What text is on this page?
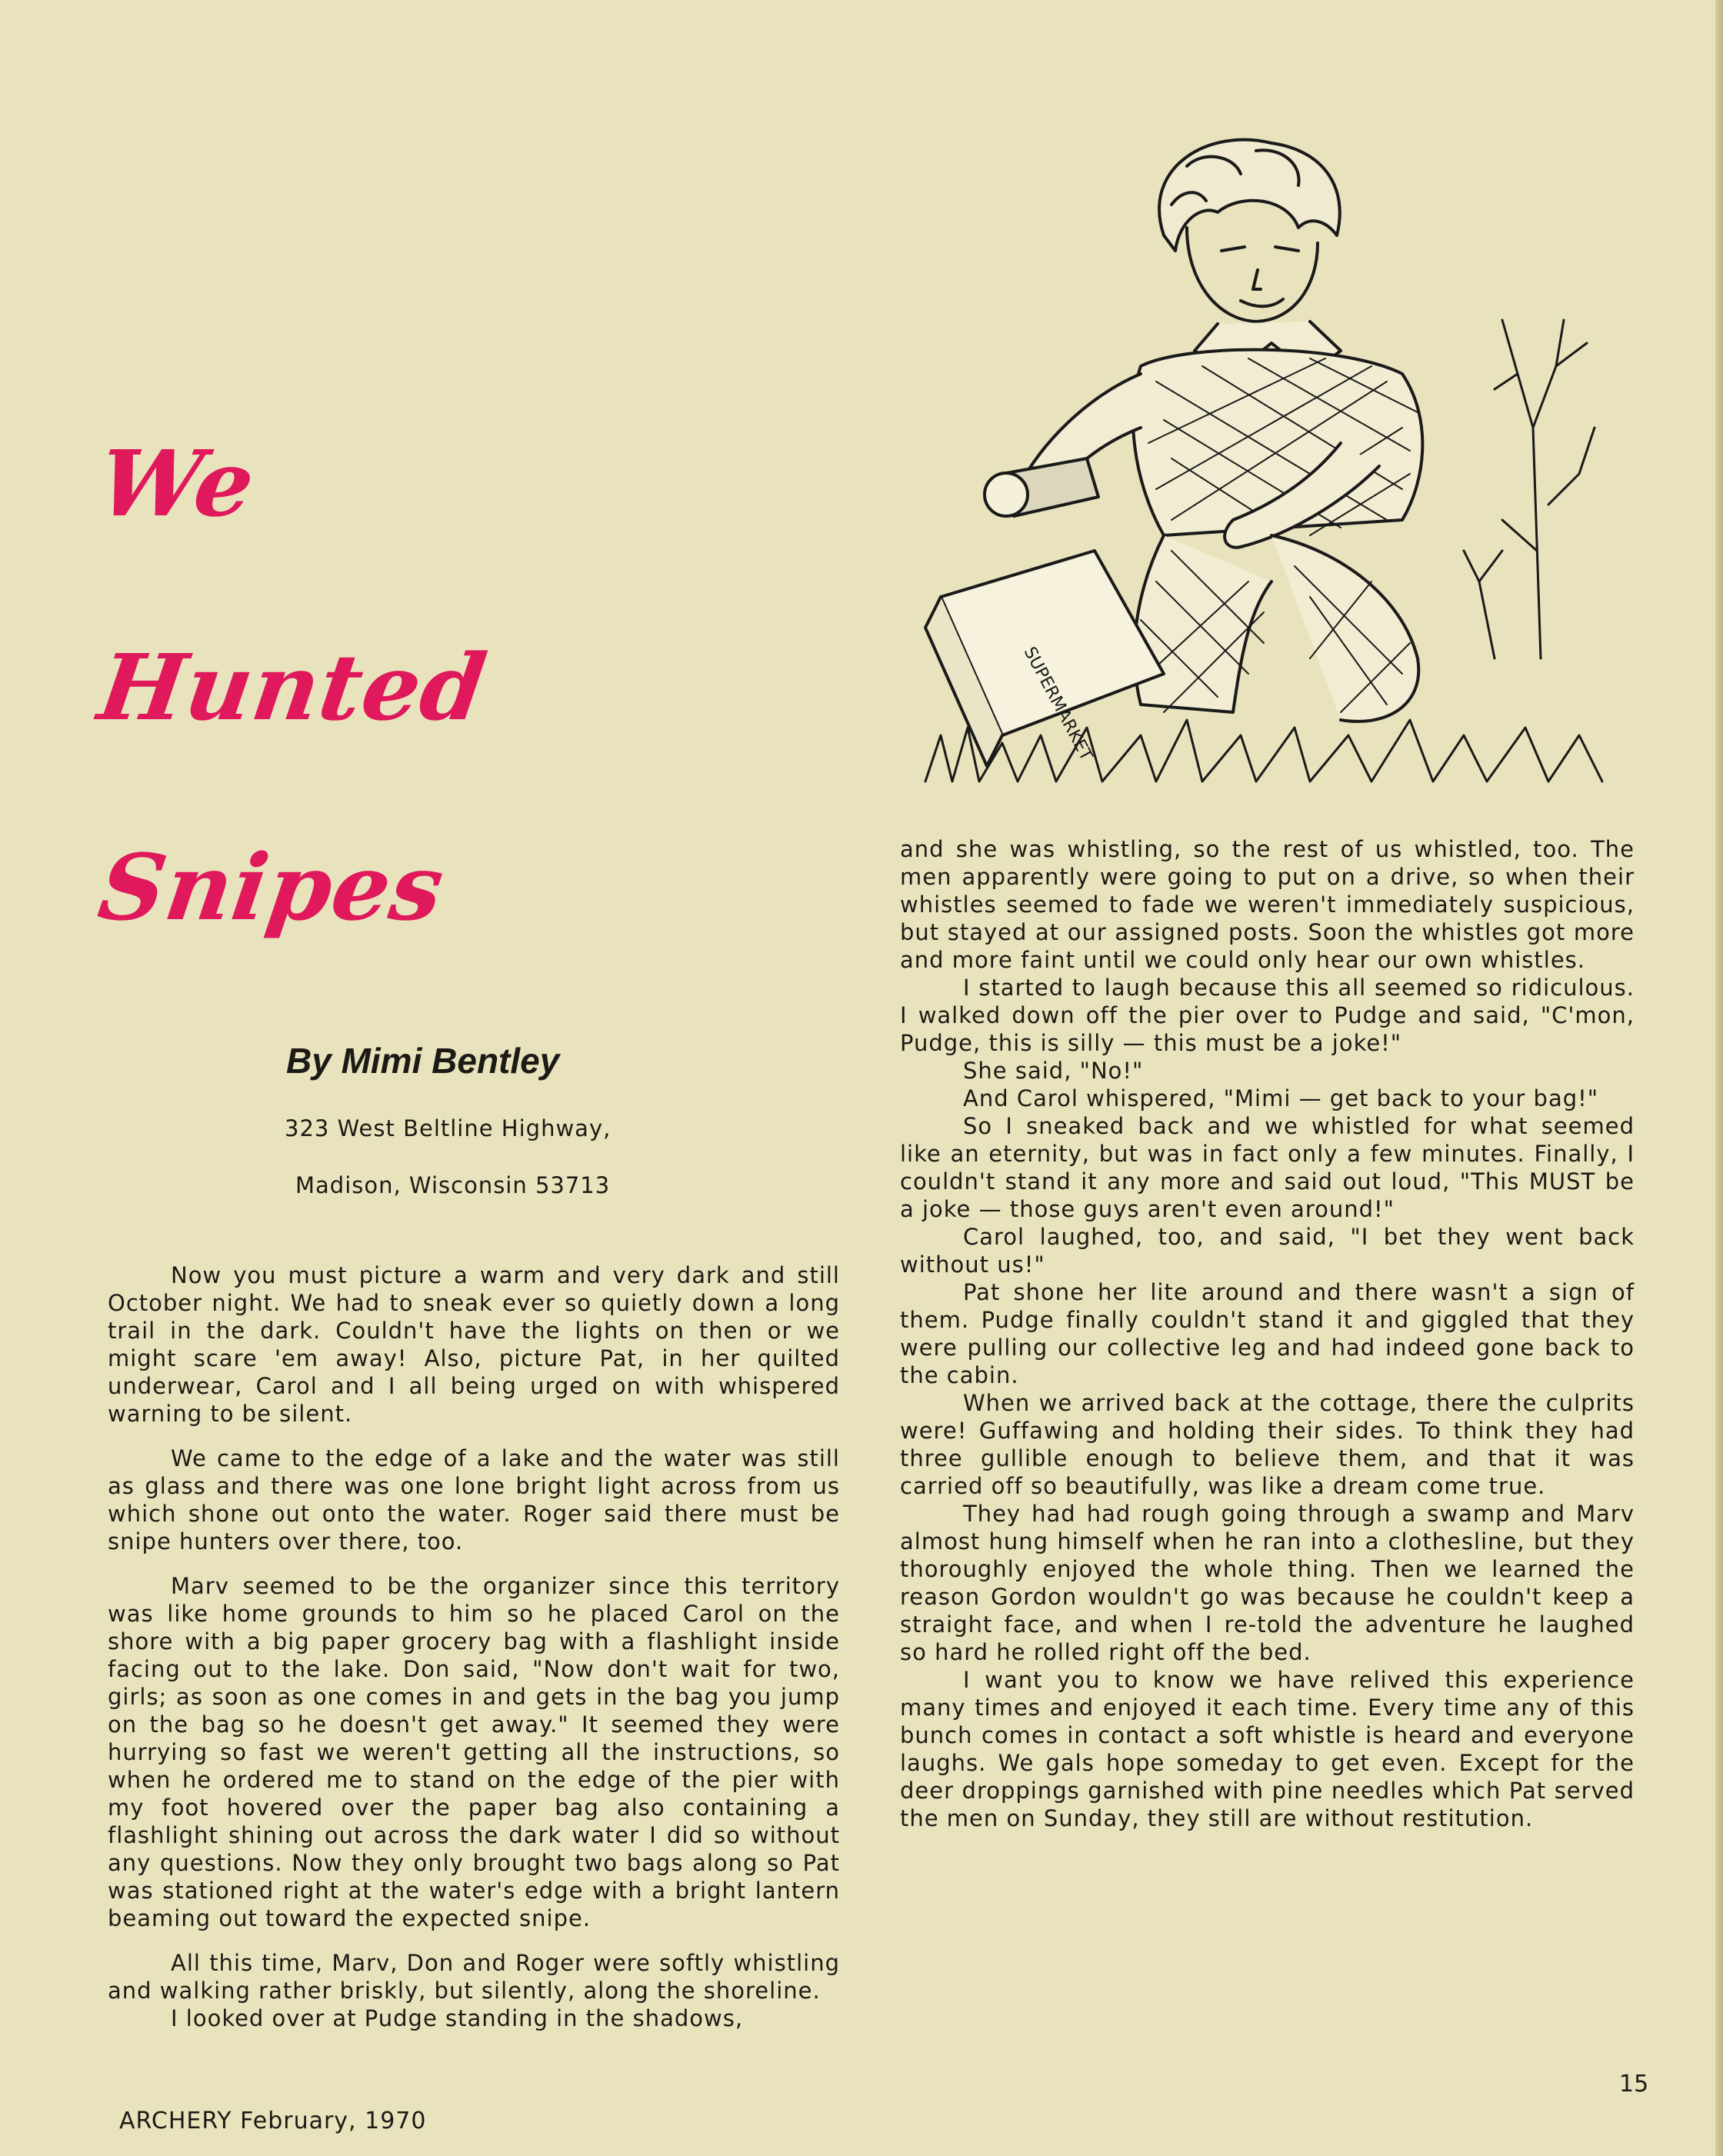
We
Hunted
Snipes
By Mimi Bentley
323 West Beltline Highway,
Madison, Wisconsin 53713
SUPERMARKET

Now you must picture a warm and very dark and still October night. We had to sneak ever so quietly down a long trail in the dark. Couldn't have the lights on then or we might scare 'em away! Also, picture Pat, in her quilted underwear, Carol and I all being urged on with whispered warning to be silent.

We came to the edge of a lake and the water was still as glass and there was one lone bright light across from us which shone out onto the water. Roger said there must be snipe hunters over there, too.

Marv seemed to be the organizer since this territory was like home grounds to him so he placed Carol on the shore with a big paper grocery bag with a flashlight inside facing out to the lake. Don said, "Now don't wait for two, girls; as soon as one comes in and gets in the bag you jump on the bag so he doesn't get away." It seemed they were hurrying so fast we weren't getting all the instructions, so when he ordered me to stand on the edge of the pier with my foot hovered over the paper bag also containing a flashlight shining out across the dark water I did so without any questions. Now they only brought two bags along so Pat was stationed right at the water's edge with a bright lantern beaming out toward the expected snipe.

All this time, Marv, Don and Roger were softly whistling and walking rather briskly, but silently, along the shoreline.

I looked over at Pudge standing in the shadows,

and she was whistling, so the rest of us whistled, too. The men apparently were going to put on a drive, so when their whistles seemed to fade we weren't immediately suspicious, but stayed at our assigned posts. Soon the whistles got more and more faint until we could only hear our own whistles.

I started to laugh because this all seemed so ridiculous. I walked down off the pier over to Pudge and said, "C'mon, Pudge, this is silly — this must be a joke!"

She said, "No!"

And Carol whispered, "Mimi — get back to your bag!"

So I sneaked back and we whistled for what seemed like an eternity, but was in fact only a few minutes. Finally, I couldn't stand it any more and said out loud, "This MUST be a joke — those guys aren't even around!"

Carol laughed, too, and said, "I bet they went back without us!"

Pat shone her lite around and there wasn't a sign of them. Pudge finally couldn't stand it and giggled that they were pulling our collective leg and had indeed gone back to the cabin.

When we arrived back at the cottage, there the culprits were! Guffawing and holding their sides. To think they had three gullible enough to believe them, and that it was carried off so beautifully, was like a dream come true.

They had had rough going through a swamp and Marv almost hung himself when he ran into a clothesline, but they thoroughly enjoyed the whole thing. Then we learned the reason Gordon wouldn't go was because he couldn't keep a straight face, and when I re-told the adventure he laughed so hard he rolled right off the bed.

I want you to know we have relived this experience many times and enjoyed it each time. Every time any of this bunch comes in contact a soft whistle is heard and everyone laughs. We gals hope someday to get even. Except for the deer droppings garnished with pine needles which Pat served the men on Sunday, they still are without restitution.

ARCHERY February, 1970
15
